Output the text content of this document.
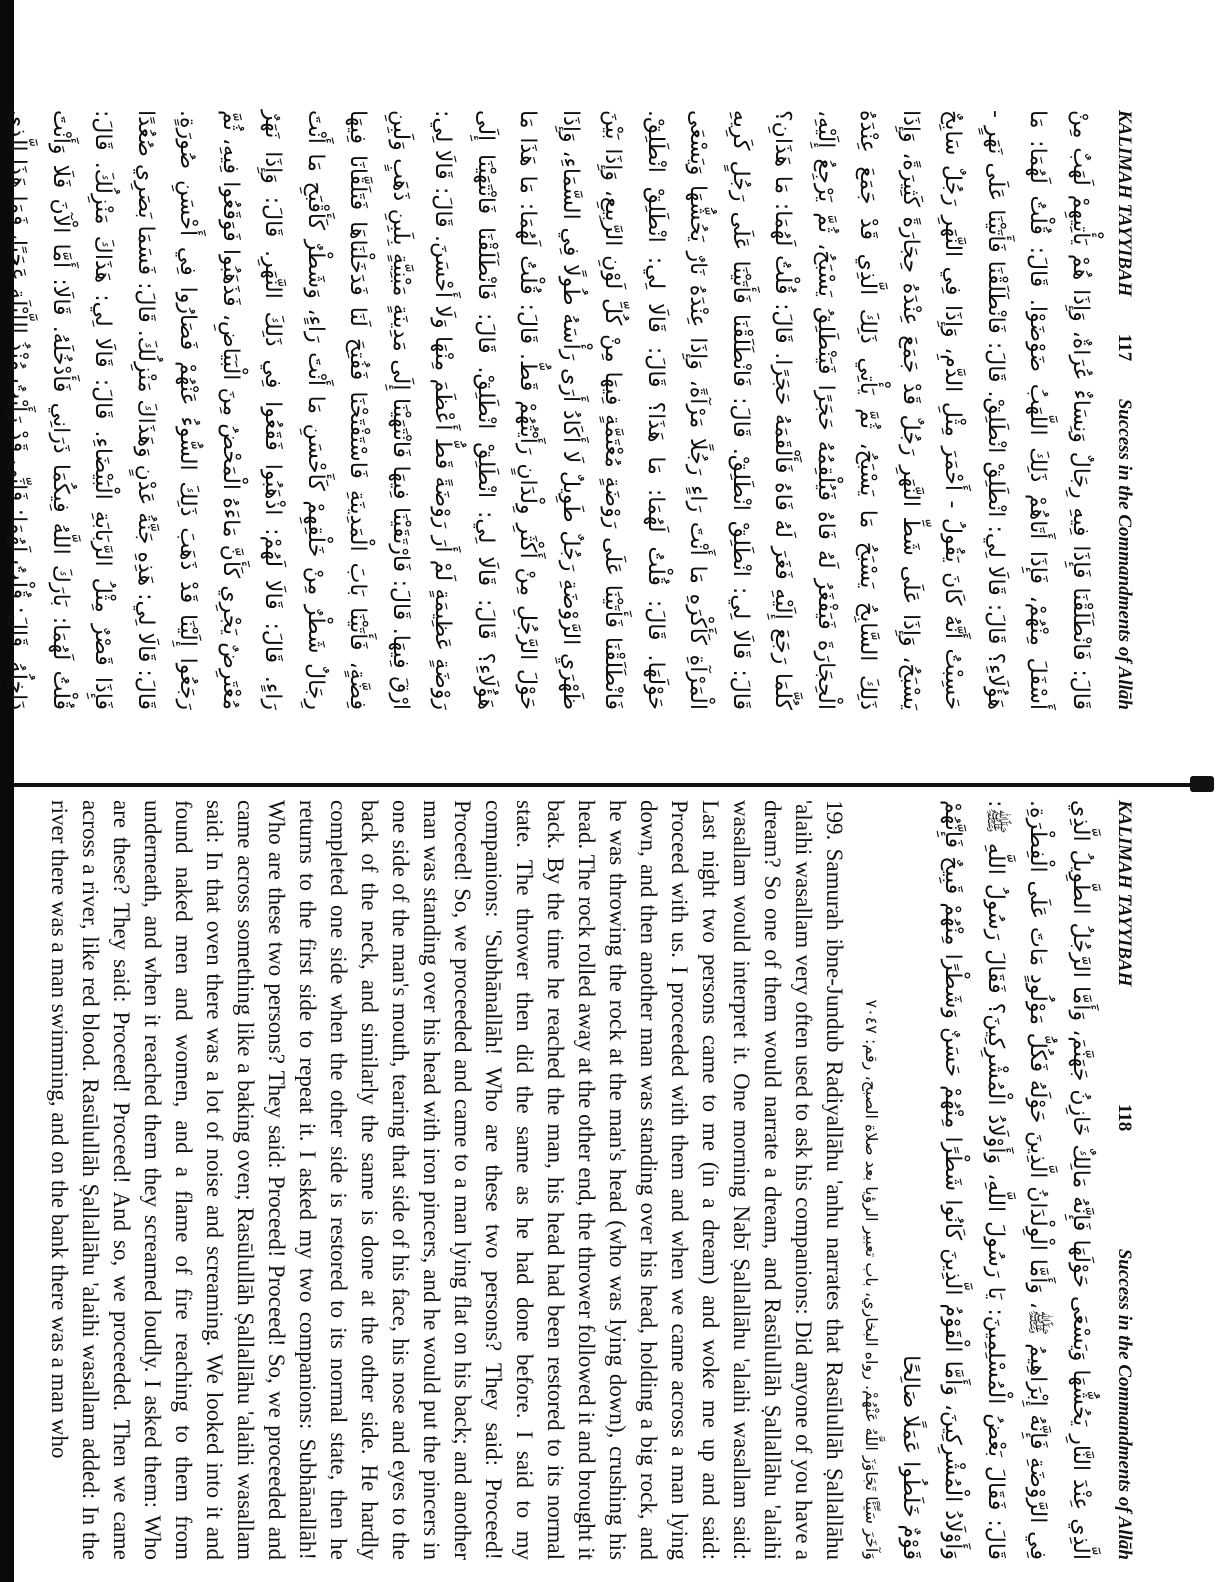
KALIMAH TAYYIBAH
117
Success in the Commandments of Allāh

قَالَ: فَانْطَلَقْنَا فَإِذَا فِيهِ رِجَالٌ وَنِسَاءٌ عُرَاةٌ، وَإِذَا هُمْ يَأْتِيهِمْ لَهَبٌ مِنْ أَسْفَلَ مِنْهُمْ، فَإِذَا أَتَاهُمْ ذَلِكَ اللَّهَبُ ضَوْضَوْا. قَالَ: قُلْتُ لَهُمَا: مَا هَؤُلَاءِ؟ قَالَ: قَالَا لِي: انْطَلِقْ انْطَلِقْ. قَالَ: فَانْطَلَقْنَا فَأَتَيْنَا عَلَى نَهَرٍ - حَسِبْتُ أَنَّهُ كَانَ يَقُولُ - أَحْمَرَ مِثْلِ الدَّمِ، وَإِذَا فِي النَّهَرِ رَجُلٌ سَابِحٌ يَسْبَحُ، وَإِذَا عَلَى شَطِّ النَّهَرِ رَجُلٌ قَدْ جَمَعَ عِنْدَهُ حِجَارَةً كَثِيرَةً، وَإِذَا ذَلِكَ السَّابِحُ يَسْبَحُ مَا يَسْبَحُ، ثُمَّ يَأْتِي ذَلِكَ الَّذِي قَدْ جَمَعَ عِنْدَهُ الْحِجَارَةَ فَيَفْغَرُ لَهُ فَاهُ فَيُلْقِمُهُ حَجَرًا فَيَنْطَلِقُ يَسْبَحُ، ثُمَّ يَرْجِعُ إِلَيْهِ، كُلَّمَا رَجَعَ إِلَيْهِ فَغَرَ لَهُ فَاهُ فَأَلْقَمَهُ حَجَرًا. قَالَ: قُلْتُ لَهُمَا: مَا هَذَانِ؟ قَالَ: قَالَا لِي: انْطَلِقْ انْطَلِقْ. قَالَ: فَانْطَلَقْنَا فَأَتَيْنَا عَلَى رَجُلٍ كَرِيهِ الْمَرْآةِ كَأَكْرَهِ مَا أَنْتَ رَاءٍ رَجُلًا مَرْآةً، وَإِذَا عِنْدَهُ نَارٌ يَحُشُّهَا وَيَسْعَى حَوْلَهَا. قَالَ: قُلْتُ لَهُمَا: مَا هَذَا؟ قَالَ: قَالَا لِي: انْطَلِقْ انْطَلِقْ. فَانْطَلَقْنَا فَأَتَيْنَا عَلَى رَوْضَةٍ مُعْتَمَّةٍ فِيهَا مِنْ كُلِّ لَوْنِ الرَّبِيعِ، وَإِذَا بَيْنَ ظَهْرَيِ الرَّوْضَةِ رَجُلٌ طَوِيلٌ لَا أَكَادُ أَرَى رَأْسَهُ طُولًا فِي السَّمَاءِ، وَإِذَا حَوْلَ الرَّجُلِ مِنْ أَكْثَرِ وِلْدَانٍ رَأَيْتُهُمْ قَطُّ. قَالَ: قُلْتُ لَهُمَا: مَا هَذَا مَا هَؤُلَاءِ؟ قَالَ: قَالَا لِي: انْطَلِقْ انْطَلِقْ. قَالَ: فَانْطَلَقْنَا فَانْتَهَيْنَا إِلَى رَوْضَةٍ عَظِيمَةٍ لَمْ أَرَ رَوْضَةً قَطُّ أَعْظَمَ مِنْهَا وَلَا أَحْسَنَ. قَالَ: قَالَا لِي: ارْقَ فِيهَا. قَالَ: فَارْتَقَيْنَا فِيهَا فَانْتَهَيْنَا إِلَى مَدِينَةٍ مَبْنِيَّةٍ بِلَبِنِ ذَهَبٍ وَلَبِنِ فِضَّةٍ، فَأَتَيْنَا بَابَ الْمَدِينَةِ فَاسْتَفْتَحْنَا فَفُتِحَ لَنَا فَدَخَلْنَاهَا فَتَلَقَّانَا فِيهَا رِجَالٌ شَطْرٌ مِنْ خَلْقِهِمْ كَأَحْسَنِ مَا أَنْتَ رَاءٍ، وَشَطْرٌ كَأَقْبَحِ مَا أَنْتَ رَاءٍ. قَالَ: قَالَا لَهُمْ: اذْهَبُوا فَقَعُوا فِي ذَلِكَ النَّهَرِ. قَالَ: وَإِذَا نَهَرٌ مُعْتَرِضٌ يَجْرِي كَأَنَّ مَاءَهُ الْمَحْضُ مِنَ الْبَيَاضِ، فَذَهَبُوا فَوَقَعُوا فِيهِ، ثُمَّ رَجَعُوا إِلَيْنَا قَدْ ذَهَبَ ذَلِكَ السُّوءُ عَنْهُمْ فَصَارُوا فِي أَحْسَنِ صُورَةٍ. قَالَ: قَالَا لِي: هَذِهِ جَنَّةُ عَدْنٍ وَهَذَاكَ مَنْزِلُكَ. قَالَ: فَسَمَا بَصَرِي صُعُدًا فَإِذَا قَصْرٌ مِثْلُ الرَّبَابَةِ الْبَيْضَاءِ. قَالَ: قَالَا لِي: هَذَاكَ مَنْزِلُكَ. قَالَ: قُلْتُ لَهُمَا: بَارَكَ اللَّهُ فِيكُمَا ذَرَانِي فَأَدْخُلَهُ. قَالَا: أَمَّا الْآنَ فَلَا وَأَنْتَ دَاخِلُهُ. قَالَ: قُلْتُ لَهُمَا: فَإِنِّي قَدْ رَأَيْتُ مُنْذُ اللَّيْلَةِ عَجَبًا، فَمَا هَذَا الَّذِي

KALIMAH TAYYIBAH
118
Success in the Commandments of Allāh

الَّذِي عِنْدَ النَّارِ يَحُشُّهَا وَيَسْعَى حَوْلَهَا فَإِنَّهُ مَالِكٌ خَازِنُ جَهَنَّمَ، وَأَمَّا الرَّجُلُ الطَّوِيلُ الَّذِي فِي الرَّوْضَةِ فَإِنَّهُ إِبْرَاهِيمُ ﷺ، وَأَمَّا الْوِلْدَانُ الَّذِينَ حَوْلَهُ فَكُلُّ مَوْلُودٍ مَاتَ عَلَى الْفِطْرَةِ. قَالَ: فَقَالَ بَعْضُ الْمُسْلِمِينَ: يَا رَسُولَ اللَّهِ، وَأَوْلَادُ الْمُشْرِكِينَ؟ فَقَالَ رَسُولُ اللَّهِ ﷺ: وَأَوْلَادُ الْمُشْرِكِينَ، وَأَمَّا الْقَوْمُ الَّذِينَ كَانُوا شَطْرًا مِنْهُمْ حَسَنٌ وَشَطْرًا مِنْهُمْ قَبِيحٌ فَإِنَّهُمْ قَوْمٌ خَلَطُوا عَمَلًا صَالِحًا

وَآخَرَ سَيِّئًا تَجَاوَزَ اللَّهُ عَنْهُمْ. رواه البخاري، باب تعبير الرؤيا بعد صلاة الصبح، رقم: ٧٠٤٧

199. Samurah ibne-Jundub Radiyallāhu 'anhu narrates that Rasūlullāh Ṣallallāhu 'alaihi wasallam very often used to ask his companions: Did anyone of you have a dream? So one of them would narrate a dream, and Rasūlullāh Ṣallallāhu 'alaihi wasallam would interpret it. One morning Nabī Ṣallallāhu 'alaihi wasallam said: Last night two persons came to me (in a dream) and woke me up and said: Proceed with us. I proceeded with them and when we came across a man lying down, and then another man was standing over his head, holding a big rock, and he was throwing the rock at the man's head (who was lying down), crushing his head. The rock rolled away at the other end, the thrower followed it and brought it back. By the time he reached the man, his head had been restored to its normal state. The thrower then did the same as he had done before. I said to my companions: 'Subhānallāh! Who are these two persons? They said: Proceed! Proceed! So, we proceeded and came to a man lying flat on his back; and another man was standing over his head with iron pincers, and he would put the pincers in one side of the man's mouth, tearing that side of his face, his nose and eyes to the back of the neck, and similarly the same is done at the other side. He hardly completed one side when the other side is restored to its normal state, then he returns to the first side to repeat it. I asked my two companions: Subhānallāh! Who are these two persons? They said: Proceed! Proceed! So, we proceeded and came across something like a baking oven; Rasūlullāh Ṣallallāhu 'alaihi wasallam said: In that oven there was a lot of noise and screaming. We looked into it and found naked men and women, and a flame of fire reaching to them from underneath, and when it reached them they screamed loudly. I asked them: Who are these? They said: Proceed! Proceed! And so, we proceeded. Then we came across a river, like red blood. Rasūlullāh Ṣallallāhu 'alaihi wasallam added: In the river there was a man swimming, and on the bank there was a man who
